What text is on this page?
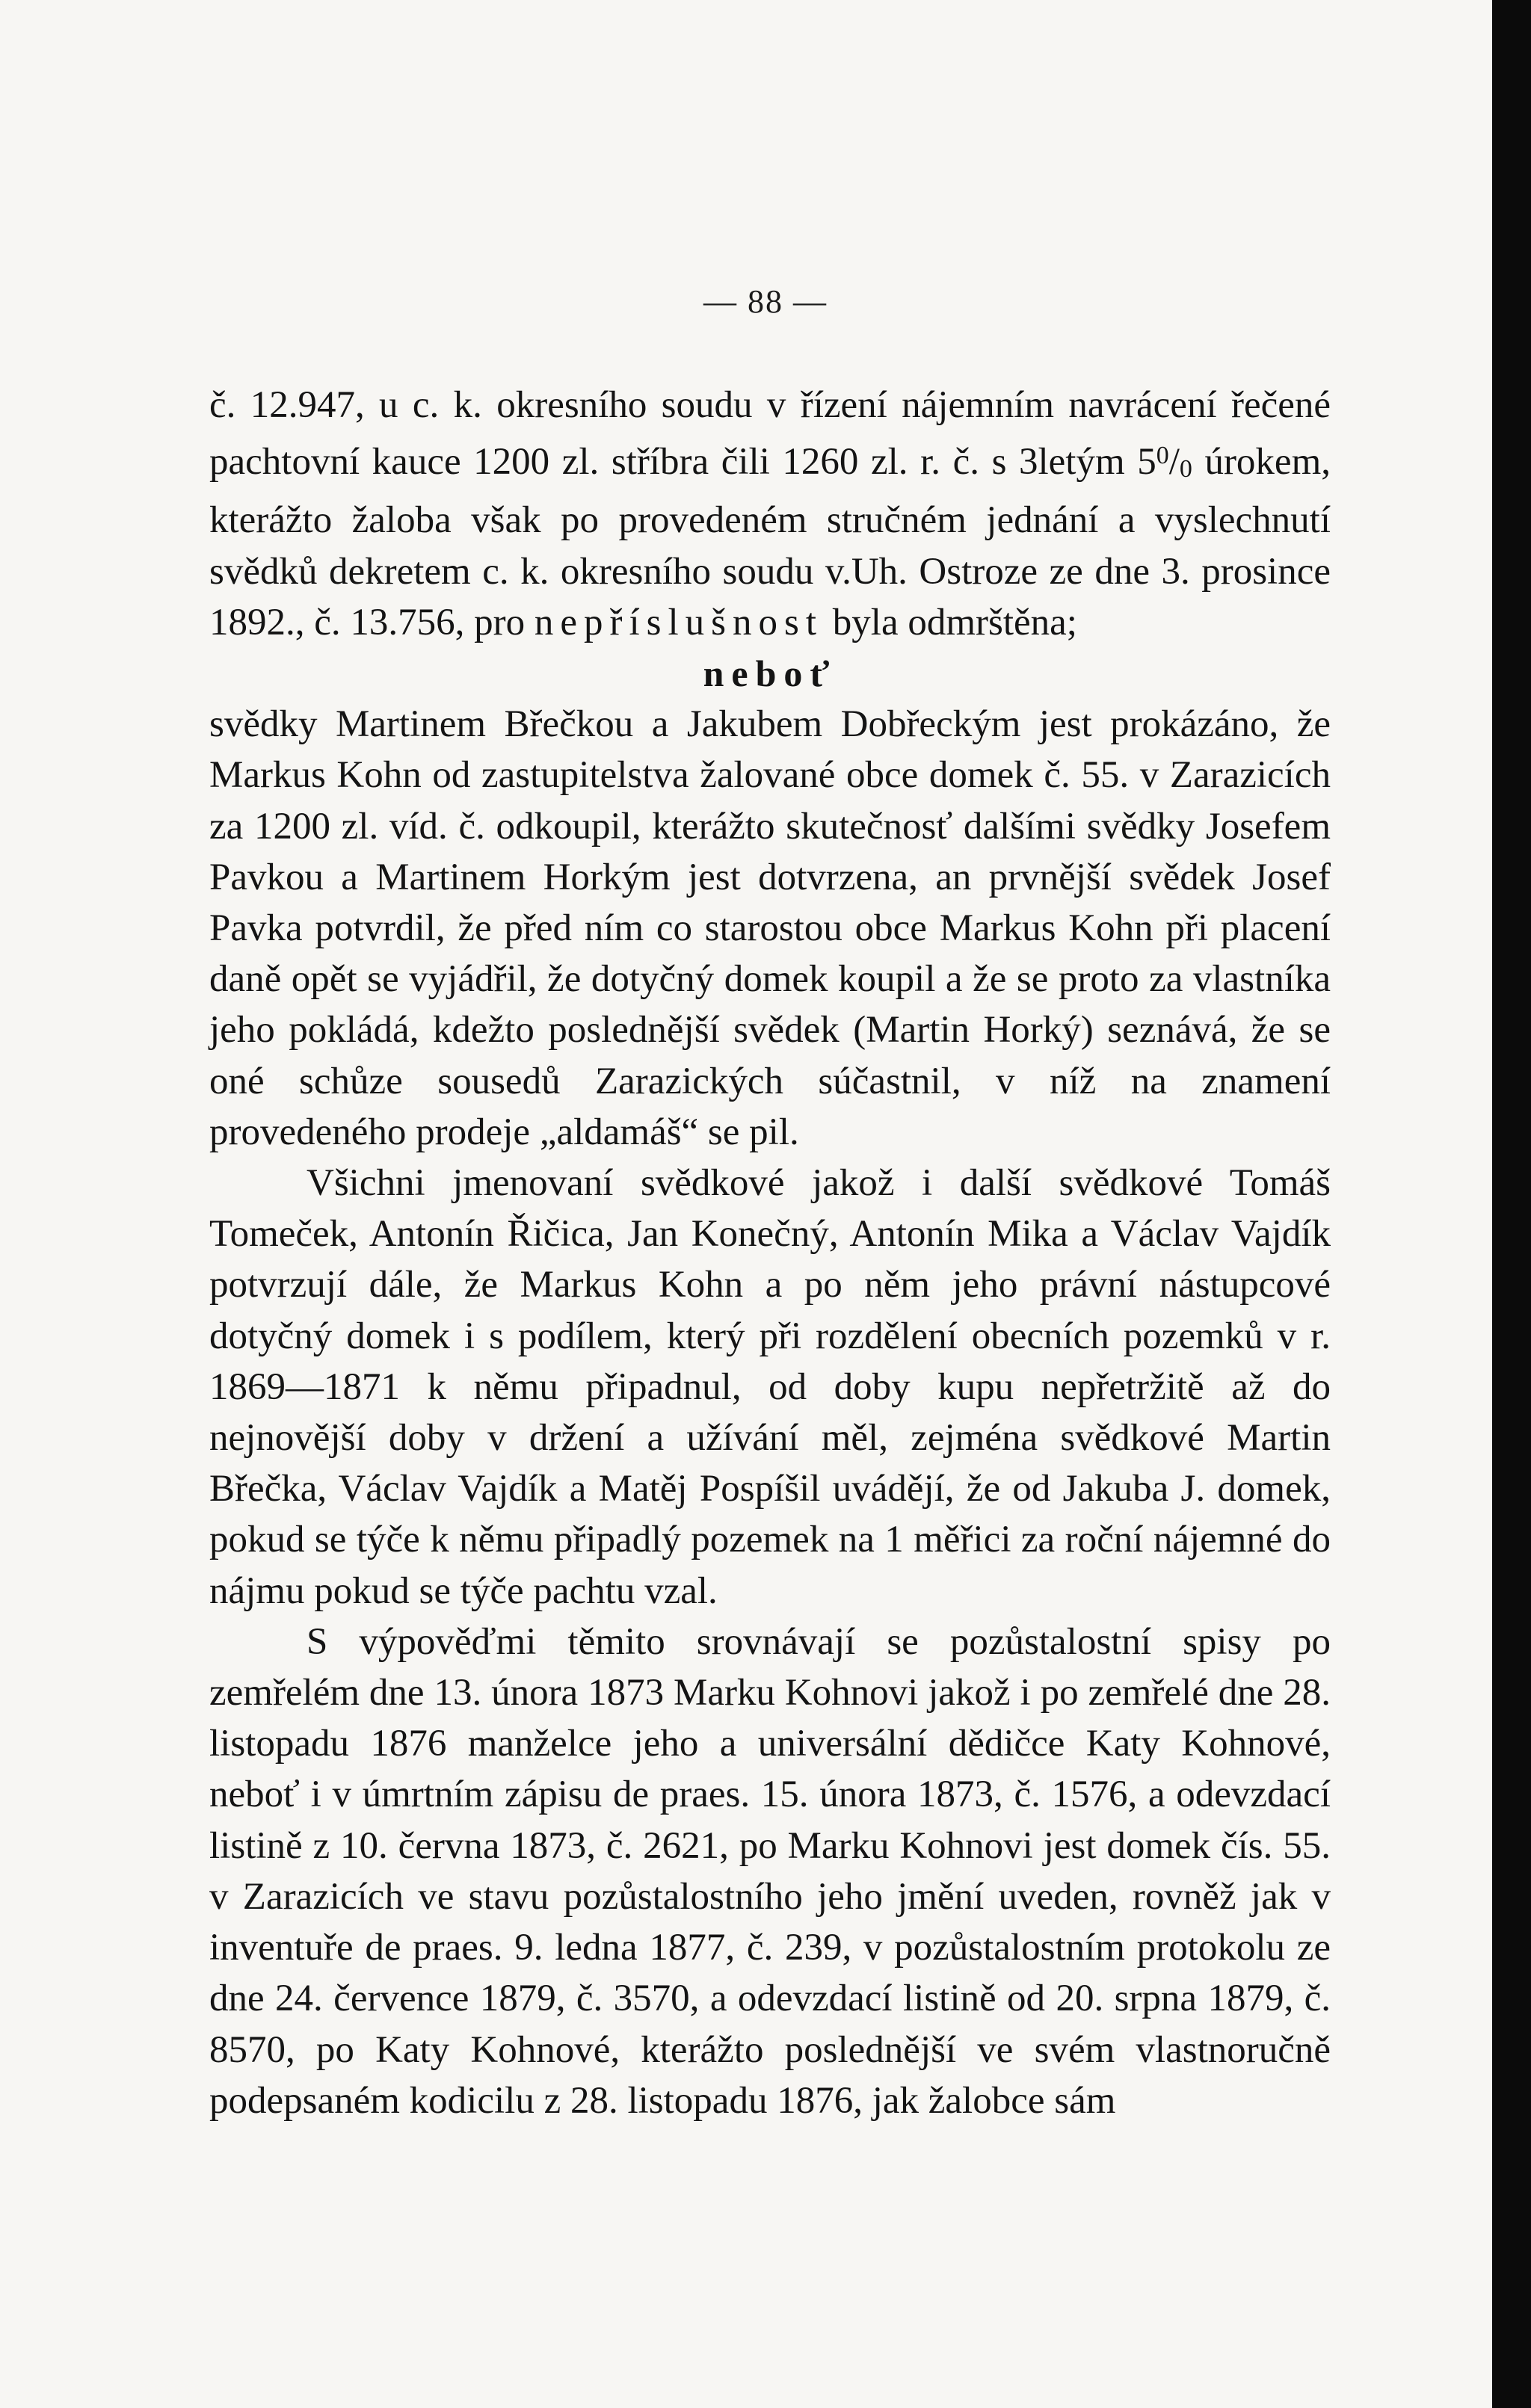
— 88 —

č. 12.947, u c. k. okresního soudu v řízení nájemním navrácení řečené pachtovní kauce 1200 zl. stříbra čili 1260 zl. r. č. s 3letým $5^0/_0$ úrokem, kterážto žaloba však po provedeném stručném jednání a vyslechnutí svědků dekretem c. k. okresního soudu v.Uh. Ostroze ze dne 3. prosince 1892., č. 13.756, pro nepříslušnost byla odmrštěna;

neboť

svědky Martinem Břečkou a Jakubem Dobřeckým jest prokázáno, že Markus Kohn od zastupitelstva žalované obce domek č. 55. v Zarazicích za 1200 zl. víd. č. odkoupil, kterážto skutečnosť dalšími svědky Josefem Pavkou a Martinem Horkým jest dotvrzena, an prvnější svědek Josef Pavka potvrdil, že před ním co starostou obce Markus Kohn při placení daně opět se vyjádřil, že dotyčný domek koupil a že se proto za vlastníka jeho pokládá, kdežto poslednější svědek (Martin Horký) seznává, že se oné schůze sousedů Zarazických súčastnil, v níž na znamení provedeného prodeje „aldamáš“ se pil.

Všichni jmenovaní svědkové jakož i další svědkové Tomáš Tomeček, Antonín Řičica, Jan Konečný, Antonín Mika a Václav Vajdík potvrzují dále, že Markus Kohn a po něm jeho právní nástupcové dotyčný domek i s podílem, který při rozdělení obecních pozemků v r. 1869—1871 k němu připadnul, od doby kupu nepřetržitě až do nejnovější doby v držení a užívání měl, zejména svědkové Martin Břečka, Václav Vajdík a Matěj Pospíšil uvádějí, že od Jakuba J. domek, pokud se týče k němu připadlý pozemek na 1 měřici za roční nájemné do nájmu pokud se týče pachtu vzal.

S výpověďmi těmito srovnávají se pozůstalostní spisy po zemřelém dne 13. února 1873 Marku Kohnovi jakož i po zemřelé dne 28. listopadu 1876 manželce jeho a universální dědičce Katy Kohnové, neboť i v úmrtním zápisu de praes. 15. února 1873, č. 1576, a odevzdací listině z 10. června 1873, č. 2621, po Marku Kohnovi jest domek čís. 55. v Zarazicích ve stavu pozůstalostního jeho jmění uveden, rovněž jak v inventuře de praes. 9. ledna 1877, č. 239, v pozůstalostním protokolu ze dne 24. července 1879, č. 3570, a odevzdací listině od 20. srpna 1879, č. 8570, po Katy Kohnové, kterážto poslednější ve svém vlastnoručně podepsaném kodicilu z 28. listopadu 1876, jak žalobce sám
